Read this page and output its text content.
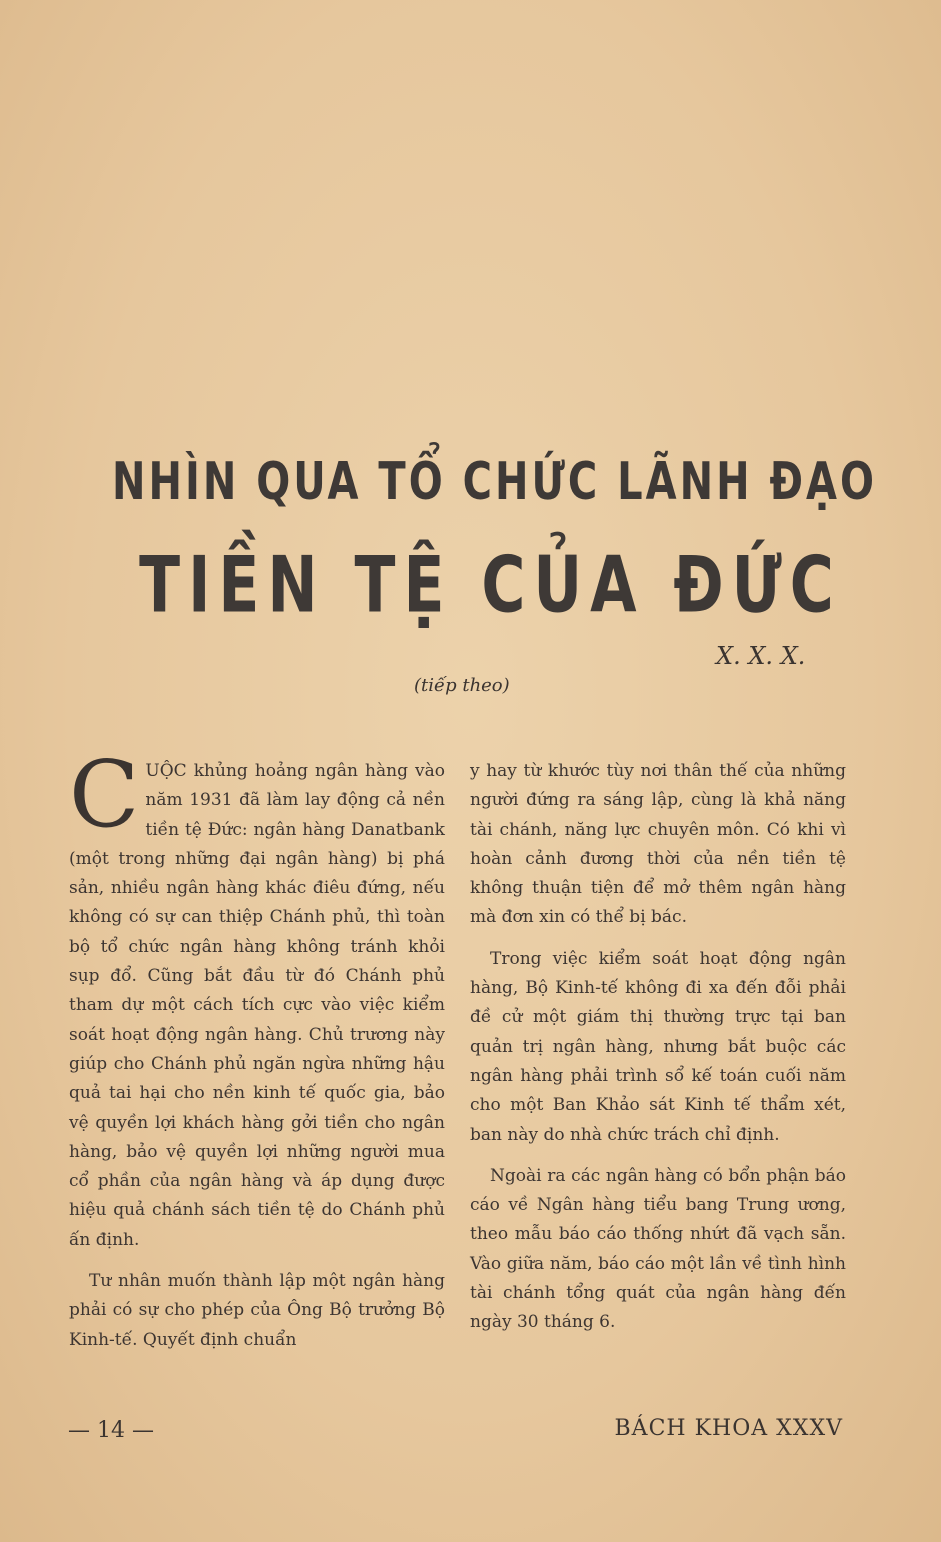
NHÌN QUA TỔ CHỨC LÃNH ĐẠO
TIỀN TỆ CỦA ĐỨC
X. X. X.
(tiếp theo)

CUỘC khủng hoảng ngân hàng vào năm 1931 đã làm lay động cả nền tiền tệ Đức: ngân hàng Danatbank (một trong những đại ngân hàng) bị phá sản, nhiều ngân hàng khác điêu đứng, nếu không có sự can thiệp Chánh phủ, thì toàn bộ tổ chức ngân hàng không tránh khỏi sụp đổ. Cũng bắt đầu từ đó Chánh phủ tham dự một cách tích cực vào việc kiểm soát hoạt động ngân hàng. Chủ trương này giúp cho Chánh phủ ngăn ngừa những hậu quả tai hại cho nền kinh tế quốc gia, bảo vệ quyền lợi khách hàng gởi tiền cho ngân hàng, bảo vệ quyền lợi những người mua cổ phần của ngân hàng và áp dụng được hiệu quả chánh sách tiền tệ do Chánh phủ ấn định.

Tư nhân muốn thành lập một ngân hàng phải có sự cho phép của Ông Bộ trưởng Bộ Kinh-tế. Quyết định chuẩn

y hay từ khước tùy nơi thân thế của những người đứng ra sáng lập, cùng là khả năng tài chánh, năng lực chuyên môn. Có khi vì hoàn cảnh đương thời của nền tiền tệ không thuận tiện để mở thêm ngân hàng mà đơn xin có thể bị bác.

Trong việc kiểm soát hoạt động ngân hàng, Bộ Kinh-tế không đi xa đến đỗi phải đề cử một giám thị thường trực tại ban quản trị ngân hàng, nhưng bắt buộc các ngân hàng phải trình sổ kế toán cuối năm cho một Ban Khảo sát Kinh tế thẩm xét, ban này do nhà chức trách chỉ định.

Ngoài ra các ngân hàng có bổn phận báo cáo về Ngân hàng tiểu bang Trung ương, theo mẫu báo cáo thống nhứt đã vạch sẵn. Vào giữa năm, báo cáo một lần về tình hình tài chánh tổng quát của ngân hàng đến ngày 30 tháng 6.

— 14 —	BÁCH KHOA XXXV
